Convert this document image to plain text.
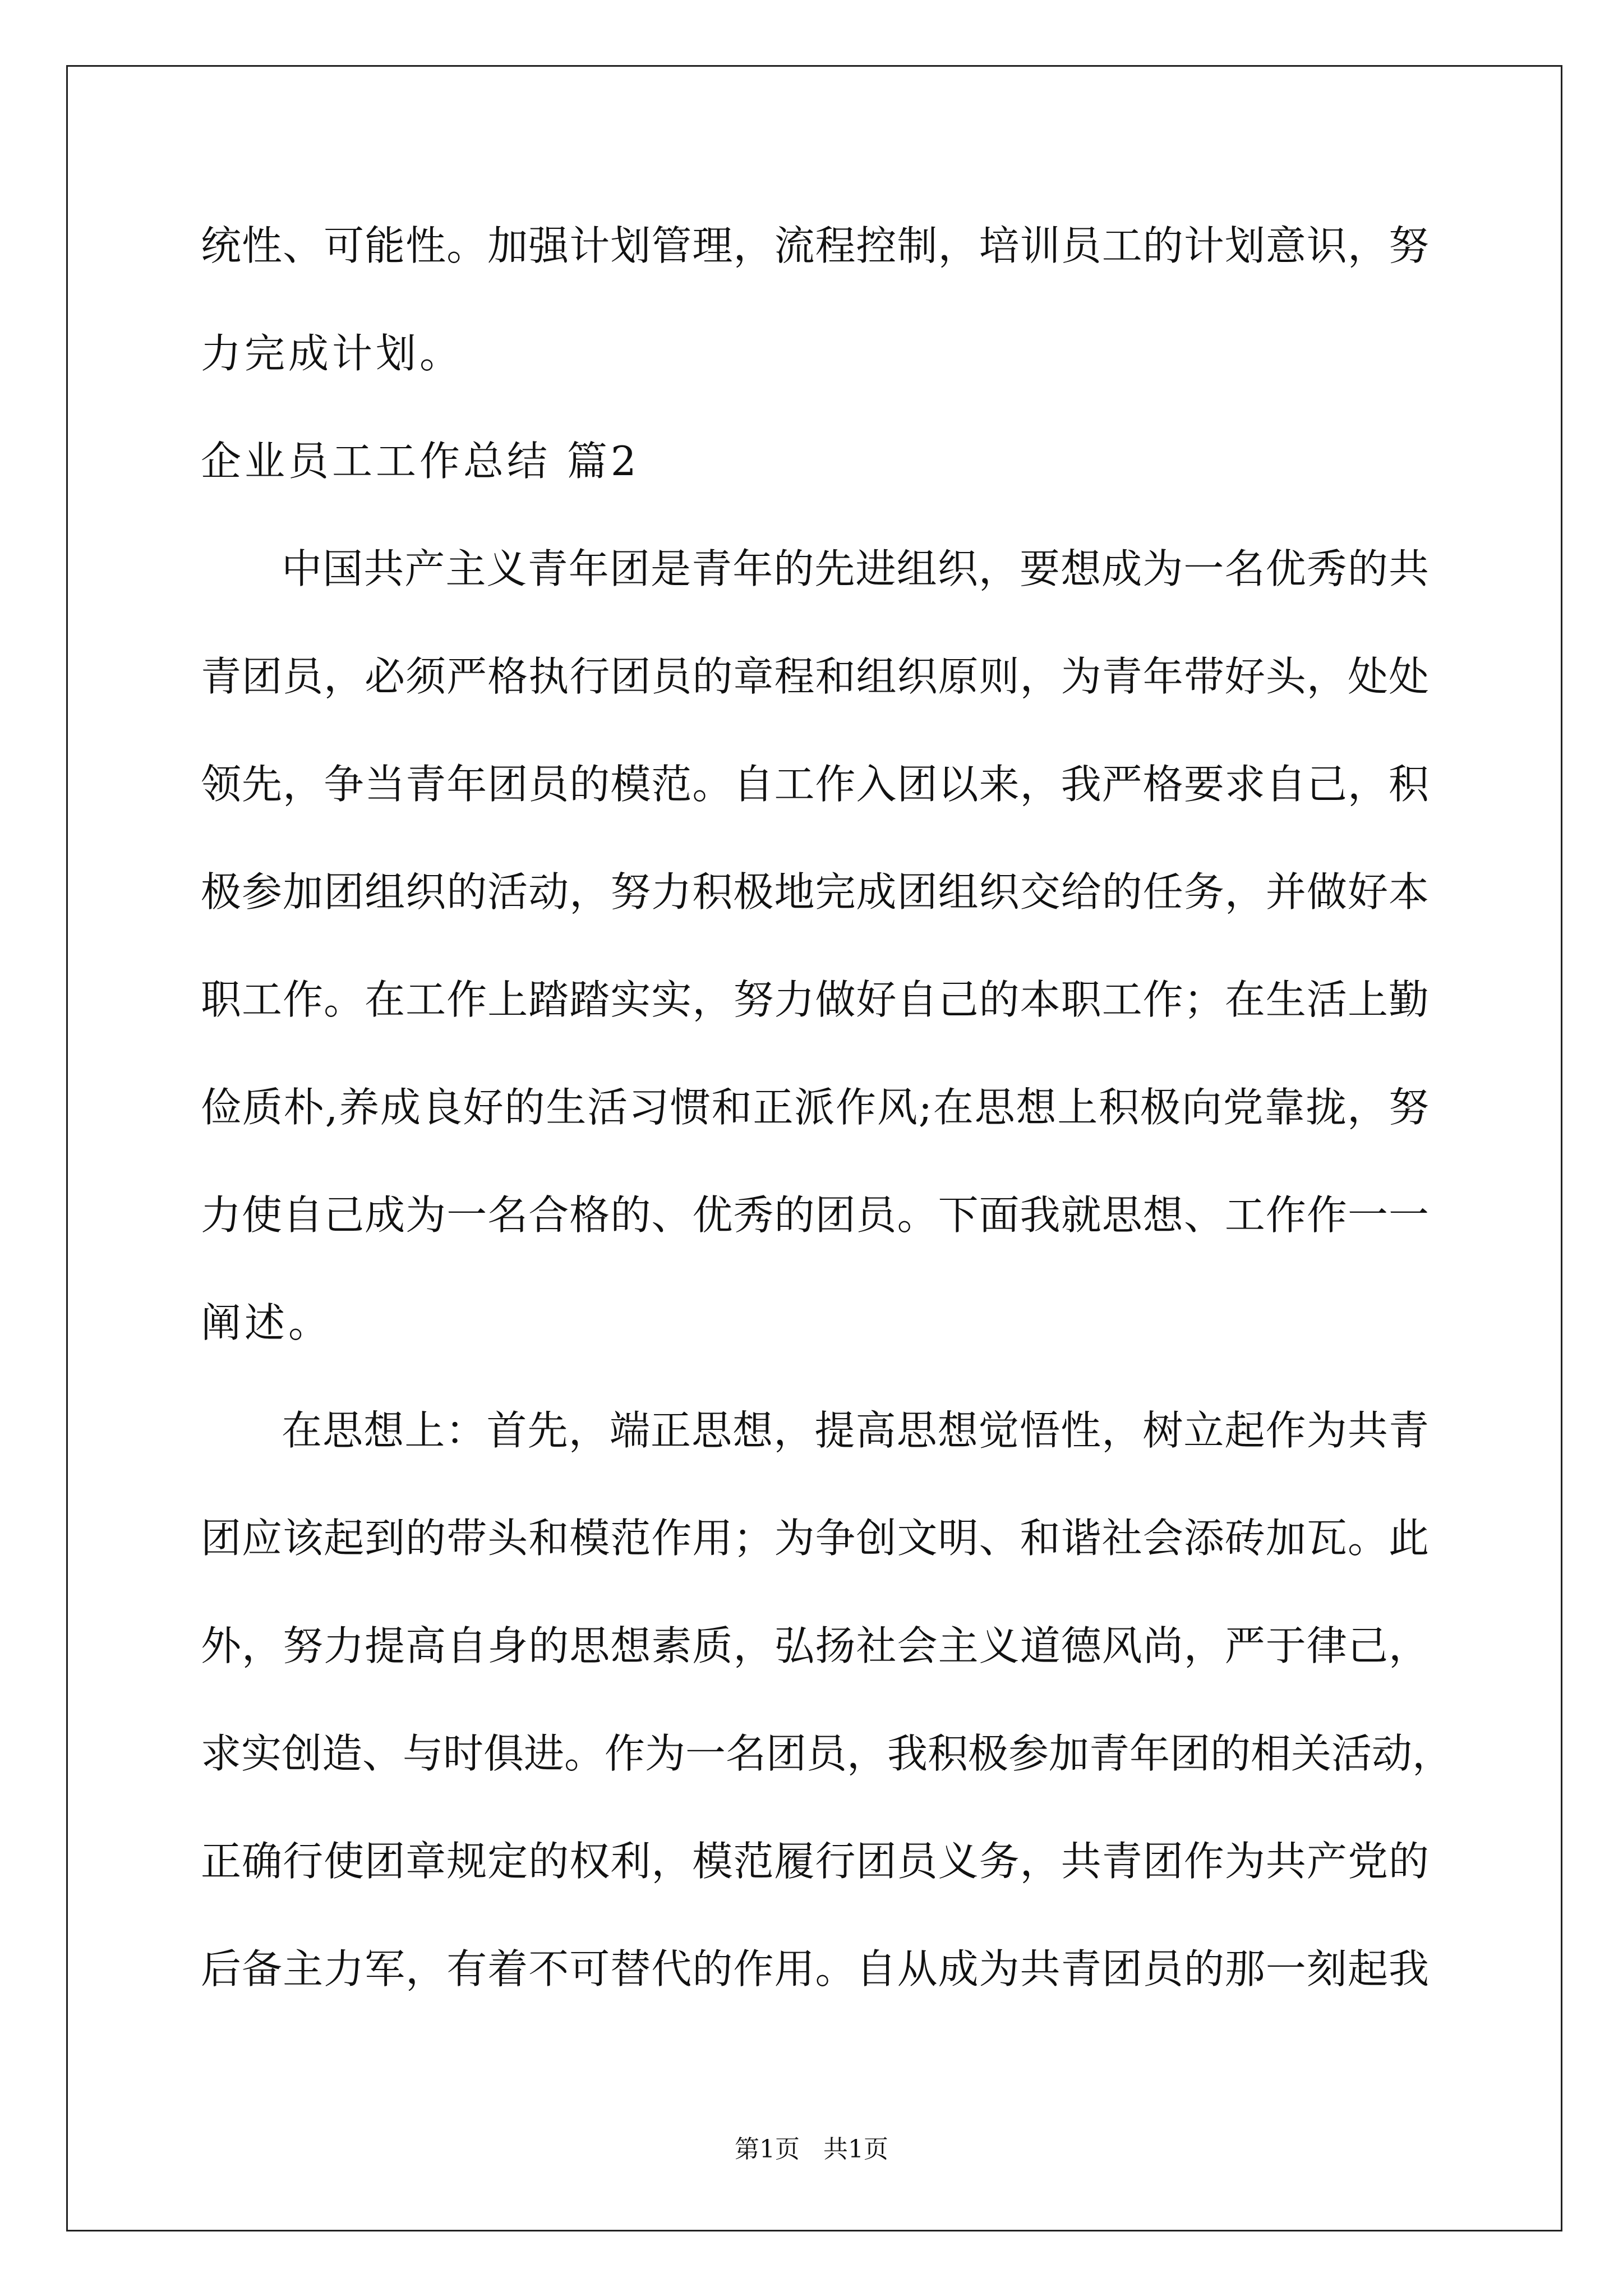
统性、可能性。加强计划管理，流程控制，培训员工的计划意识，努
力完成计划。
企业员工工作总结 篇2
中国共产主义青年团是青年的先进组织，要想成为一名优秀的共
青团员，必须严格执行团员的章程和组织原则，为青年带好头，处处
领先，争当青年团员的模范。自工作入团以来，我严格要求自己，积
极参加团组织的活动，努力积极地完成团组织交给的任务，并做好本
职工作。在工作上踏踏实实，努力做好自己的本职工作；在生活上勤
俭质朴,养成良好的生活习惯和正派作风;在思想上积极向党靠拢，努
力使自己成为一名合格的、优秀的团员。下面我就思想、工作作一一
阐述。
在思想上：首先，端正思想，提高思想觉悟性，树立起作为共青
团应该起到的带头和模范作用；为争创文明、和谐社会添砖加瓦。此
外，努力提高自身的思想素质，弘扬社会主义道德风尚，严于律己，
求实创造、与时俱进。作为一名团员，我积极参加青年团的相关活动，
正确行使团章规定的权利，模范履行团员义务，共青团作为共产党的
后备主力军，有着不可替代的作用。自从成为共青团员的那一刻起我
第1页   共1页
